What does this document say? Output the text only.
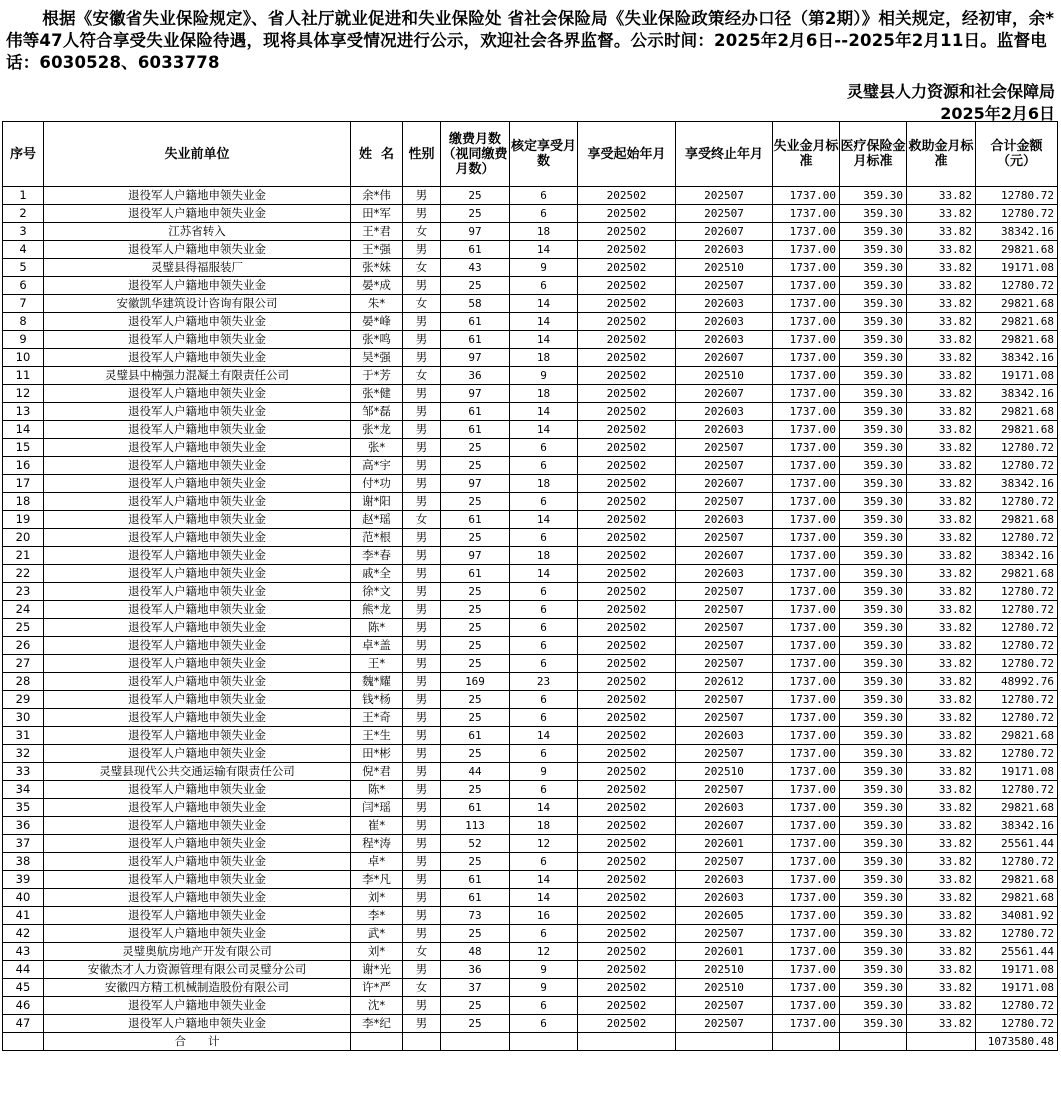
根据《安徽省失业保险规定》、省人社厅就业促进和失业保险处 省社会保险局《失业保险政策经办口径（第2期）》相关规定，经初审，余*伟等47人符合享受失业保险待遇，现将具体享受情况进行公示，欢迎社会各界监督。公示时间：2025年2月6日--2025年2月11日。监督电话：6030528、6033778
灵璧县人力资源和社会保障局
2025年2月6日
序号	失业前单位	姓  名	性别	缴费月数（视同缴费月数）	核定享受月数	享受起始年月	享受终止年月	失业金月标准	医疗保险金月标准	救助金月标准	合计金额（元）
1	退役军人户籍地申领失业金	余*伟	男	25	6	202502	202507	1737.00	359.30	33.82	12780.72
2	退役军人户籍地申领失业金	田*军	男	25	6	202502	202507	1737.00	359.30	33.82	12780.72
3	江苏省转入	王*君	女	97	18	202502	202607	1737.00	359.30	33.82	38342.16
4	退役军人户籍地申领失业金	王*强	男	61	14	202502	202603	1737.00	359.30	33.82	29821.68
5	灵璧县得福服装厂	张*妹	女	43	9	202502	202510	1737.00	359.30	33.82	19171.08
6	退役军人户籍地申领失业金	晏*成	男	25	6	202502	202507	1737.00	359.30	33.82	12780.72
7	安徽凯华建筑设计咨询有限公司	朱*	女	58	14	202502	202603	1737.00	359.30	33.82	29821.68
8	退役军人户籍地申领失业金	晏*峰	男	61	14	202502	202603	1737.00	359.30	33.82	29821.68
9	退役军人户籍地申领失业金	张*鸣	男	61	14	202502	202603	1737.00	359.30	33.82	29821.68
10	退役军人户籍地申领失业金	吴*强	男	97	18	202502	202607	1737.00	359.30	33.82	38342.16
11	灵璧县中楠强力混凝土有限责任公司	于*芳	女	36	9	202502	202510	1737.00	359.30	33.82	19171.08
12	退役军人户籍地申领失业金	张*健	男	97	18	202502	202607	1737.00	359.30	33.82	38342.16
13	退役军人户籍地申领失业金	邹*磊	男	61	14	202502	202603	1737.00	359.30	33.82	29821.68
14	退役军人户籍地申领失业金	张*龙	男	61	14	202502	202603	1737.00	359.30	33.82	29821.68
15	退役军人户籍地申领失业金	张*	男	25	6	202502	202507	1737.00	359.30	33.82	12780.72
16	退役军人户籍地申领失业金	高*宇	男	25	6	202502	202507	1737.00	359.30	33.82	12780.72
17	退役军人户籍地申领失业金	付*功	男	97	18	202502	202607	1737.00	359.30	33.82	38342.16
18	退役军人户籍地申领失业金	谢*阳	男	25	6	202502	202507	1737.00	359.30	33.82	12780.72
19	退役军人户籍地申领失业金	赵*瑶	女	61	14	202502	202603	1737.00	359.30	33.82	29821.68
20	退役军人户籍地申领失业金	范*根	男	25	6	202502	202507	1737.00	359.30	33.82	12780.72
21	退役军人户籍地申领失业金	李*春	男	97	18	202502	202607	1737.00	359.30	33.82	38342.16
22	退役军人户籍地申领失业金	戚*全	男	61	14	202502	202603	1737.00	359.30	33.82	29821.68
23	退役军人户籍地申领失业金	徐*文	男	25	6	202502	202507	1737.00	359.30	33.82	12780.72
24	退役军人户籍地申领失业金	熊*龙	男	25	6	202502	202507	1737.00	359.30	33.82	12780.72
25	退役军人户籍地申领失业金	陈*	男	25	6	202502	202507	1737.00	359.30	33.82	12780.72
26	退役军人户籍地申领失业金	卓*盖	男	25	6	202502	202507	1737.00	359.30	33.82	12780.72
27	退役军人户籍地申领失业金	王*	男	25	6	202502	202507	1737.00	359.30	33.82	12780.72
28	退役军人户籍地申领失业金	魏*耀	男	169	23	202502	202612	1737.00	359.30	33.82	48992.76
29	退役军人户籍地申领失业金	钱*杨	男	25	6	202502	202507	1737.00	359.30	33.82	12780.72
30	退役军人户籍地申领失业金	王*奇	男	25	6	202502	202507	1737.00	359.30	33.82	12780.72
31	退役军人户籍地申领失业金	王*生	男	61	14	202502	202603	1737.00	359.30	33.82	29821.68
32	退役军人户籍地申领失业金	田*彬	男	25	6	202502	202507	1737.00	359.30	33.82	12780.72
33	灵璧县现代公共交通运输有限责任公司	倪*君	男	44	9	202502	202510	1737.00	359.30	33.82	19171.08
34	退役军人户籍地申领失业金	陈*	男	25	6	202502	202507	1737.00	359.30	33.82	12780.72
35	退役军人户籍地申领失业金	闫*瑶	男	61	14	202502	202603	1737.00	359.30	33.82	29821.68
36	退役军人户籍地申领失业金	崔*	男	113	18	202502	202607	1737.00	359.30	33.82	38342.16
37	退役军人户籍地申领失业金	程*涛	男	52	12	202502	202601	1737.00	359.30	33.82	25561.44
38	退役军人户籍地申领失业金	卓*	男	25	6	202502	202507	1737.00	359.30	33.82	12780.72
39	退役军人户籍地申领失业金	李*凡	男	61	14	202502	202603	1737.00	359.30	33.82	29821.68
40	退役军人户籍地申领失业金	刘*	男	61	14	202502	202603	1737.00	359.30	33.82	29821.68
41	退役军人户籍地申领失业金	李*	男	73	16	202502	202605	1737.00	359.30	33.82	34081.92
42	退役军人户籍地申领失业金	武*	男	25	6	202502	202507	1737.00	359.30	33.82	12780.72
43	灵璧奥航房地产开发有限公司	刘*	女	48	12	202502	202601	1737.00	359.30	33.82	25561.44
44	安徽杰才人力资源管理有限公司灵璧分公司	谢*光	男	36	9	202502	202510	1737.00	359.30	33.82	19171.08
45	安徽四方精工机械制造股份有限公司	许*严	女	37	9	202502	202510	1737.00	359.30	33.82	19171.08
46	退役军人户籍地申领失业金	沈*	男	25	6	202502	202507	1737.00	359.30	33.82	12780.72
47	退役军人户籍地申领失业金	李*纪	男	25	6	202502	202507	1737.00	359.30	33.82	12780.72
	合      计										1073580.48
